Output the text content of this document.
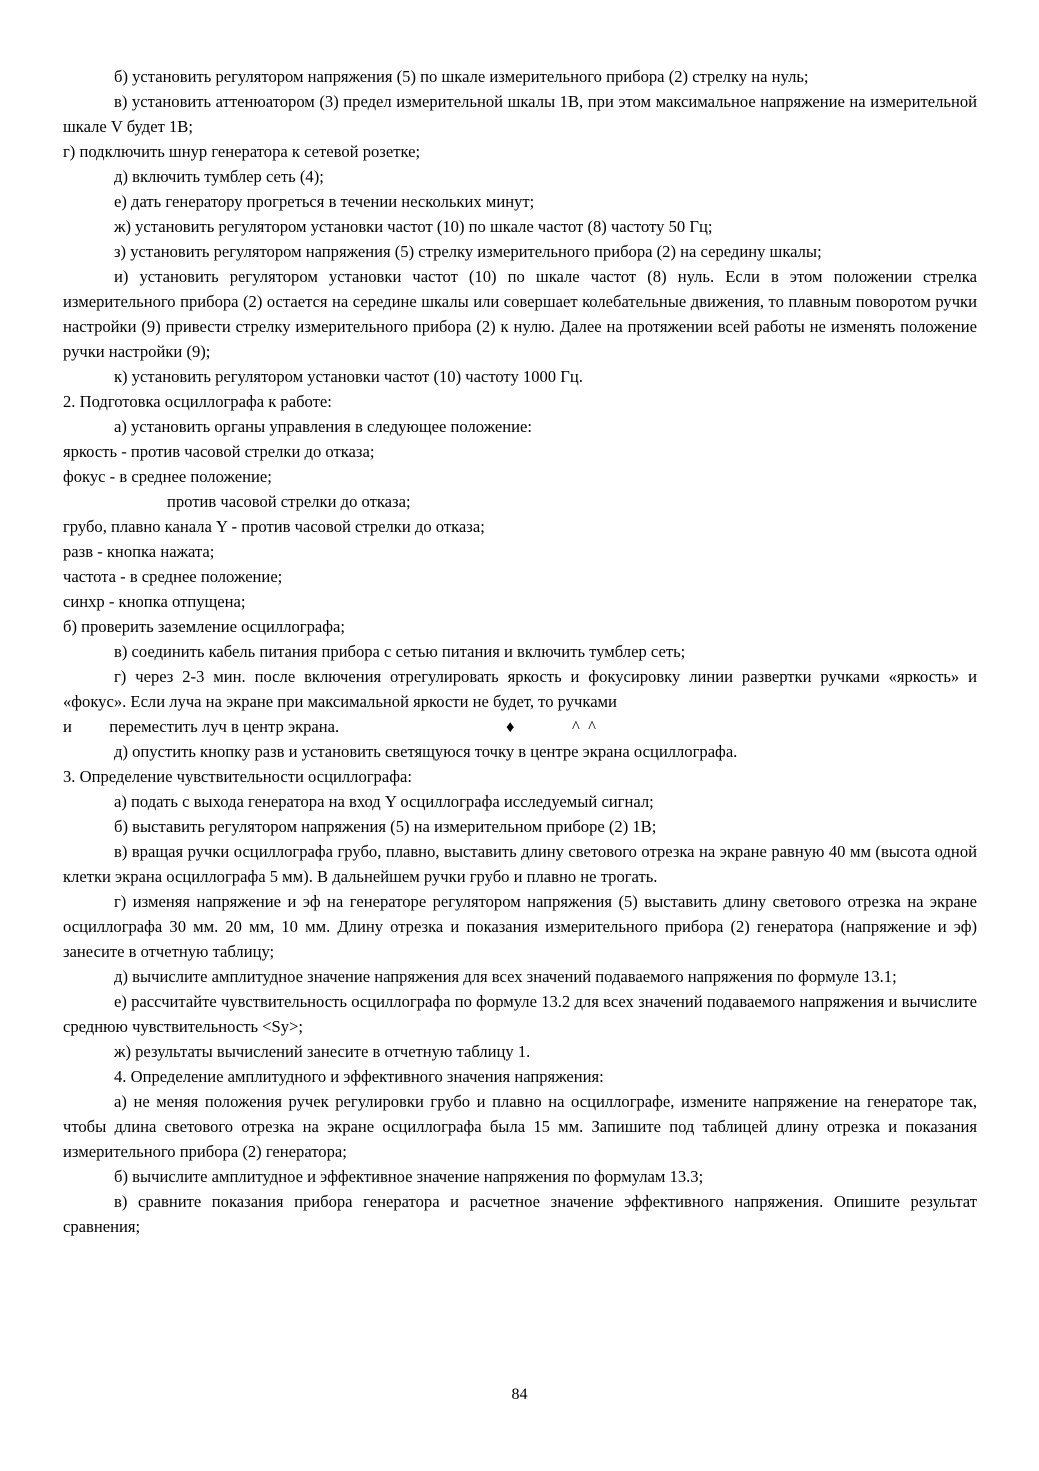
б) установить регулятором напряжения (5) по шкале измерительного прибора (2) стрелку на нуль;

в) установить аттенюатором (3) предел измерительной шкалы 1В, при этом максимальное напряжение на измерительной шкале V будет 1В;

г) подключить шнур генератора к сетевой розетке;

д) включить тумблер сеть (4);

е) дать генератору прогреться в течении нескольких минут;

ж) установить регулятором установки частот (10) по шкале частот (8) частоту 50 Гц;

з) установить регулятором напряжения (5) стрелку измерительного прибора (2) на середину шкалы;

и) установить регулятором установки частот (10) по шкале частот (8) нуль. Если в этом положении стрелка измерительного прибора (2) остается на середине шкалы или совершает колебательные движения, то плавным поворотом ручки настройки (9) привести стрелку измерительного прибора (2) к нулю. Далее на протяжении всей работы не изменять положение ручки настройки (9);

к) установить регулятором установки частот (10) частоту 1000 Гц.

2. Подготовка осциллографа к работе:

а) установить органы управления в следующее положение:

яркость - против часовой стрелки до отказа;

фокус - в среднее положение;

против часовой стрелки до отказа;

грубо, плавно канала Y - против часовой стрелки до отказа;

разв - кнопка нажата;

частота - в среднее положение;

синхр - кнопка отпущена;

б) проверить заземление осциллографа;

в) соединить кабель питания прибора с сетью питания и включить тумблер сеть;

г) через 2-3 мин. после включения отрегулировать яркость и фокусировку линии развертки ручками «яркость» и «фокус». Если луча на экране при максимальной яркости не будет, то ручками

и         переместить луч в центр экрана.	♦	^  ^

д) опустить кнопку разв и установить светящуюся точку в центре экрана осциллографа.

3. Определение чувствительности осциллографа:

а) подать с выхода генератора на вход Y осциллографа исследуемый сигнал;

б) выставить регулятором напряжения (5) на измерительном приборе (2) 1В;

в) вращая ручки осциллографа грубо, плавно, выставить длину светового отрезка на экране равную 40 мм (высота одной клетки экрана осциллографа 5 мм). В дальнейшем ручки грубо и плавно не трогать.

г) изменяя напряжение и эф на генераторе регулятором напряжения (5) выставить длину светового отрезка на экране осциллографа 30 мм. 20 мм, 10 мм. Длину отрезка и показания измерительного прибора (2) генератора (напряжение и эф) занесите в отчетную таблицу;

д) вычислите амплитудное значение напряжения для всех значений подаваемого напряжения по формуле 13.1;

е) рассчитайте чувствительность осциллографа по формуле 13.2 для всех значений подаваемого напряжения и вычислите среднюю чувствительность <Sy>;

ж) результаты вычислений занесите в отчетную таблицу 1.

4. Определение амплитудного и эффективного значения напряжения:

а) не меняя положения ручек регулировки грубо и плавно на осциллографе, измените напряжение на генераторе так, чтобы длина светового отрезка на экране осциллографа была 15 мм. Запишите под таблицей длину отрезка и показания измерительного прибора (2) генератора;

б) вычислите амплитудное и эффективное значение напряжения по формулам 13.3;

в) сравните показания прибора генератора и расчетное значение эффективного напряжения. Опишите результат сравнения;

84
